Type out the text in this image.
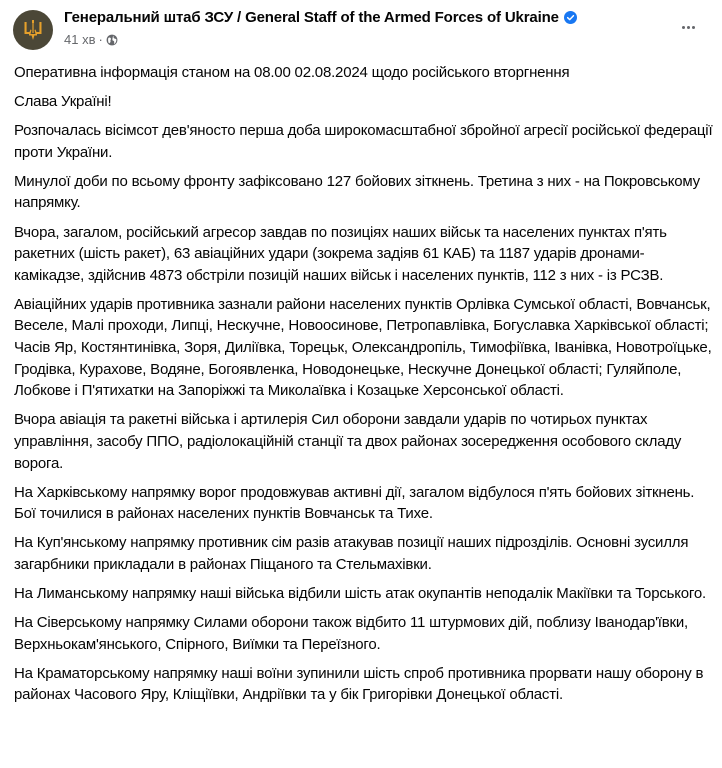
Генеральний штаб ЗСУ / General Staff of the Armed Forces of Ukraine
41 хв ·

Оперативна інформація станом на 08.00 02.08.2024 щодо російського вторгнення

Слава Україні!

Розпочалась вісімсот дев'яносто перша доба широкомасштабної збройної агресії російської федерації проти України.

Минулої доби по всьому фронту зафіксовано 127 бойових зіткнень. Третина з них - на Покровському напрямку.

Вчора, загалом, російський агресор завдав по позиціях наших військ та населених пунктах п'ять ракетних (шість ракет), 63 авіаційних удари (зокрема задіяв 61 КАБ) та 1187 ударів дронами-камікадзе, здійснив 4873 обстріли позицій наших військ і населених пунктів, 112 з них - із РСЗВ.

Авіаційних ударів противника зазнали райони населених пунктів Орлівка Сумської області, Вовчанськ, Веселе, Малі проходи, Липці, Нескучне, Новоосинове, Петропавлівка, Богуславка Харківської області; Часів Яр, Костянтинівка, Зоря, Диліївка, Торецьк, Олександропіль, Тимофіївка, Іванівка, Новотроїцьке, Гродівка, Курахове, Водяне, Богоявленка, Новодонецьке, Нескучне Донецької області; Гуляйполе, Лобкове і П'ятихатки на Запоріжжі та Миколаївка і Козацьке Херсонської області.

Вчора авіація та ракетні війська і артилерія Сил оборони завдали ударів по чотирьох пунктах управління, засобу ППО, радіолокаційній станції та двох районах зосередження особового складу ворога.

На Харківському напрямку ворог продовжував активні дії, загалом відбулося п'ять бойових зіткнень. Бої точилися в районах населених пунктів Вовчанськ та Тихе.

На Куп'янському напрямку противник сім разів атакував позиції наших підрозділів. Основні зусилля загарбники прикладали в районах Піщаного та Стельмахівки.

На Лиманському напрямку наші війська відбили шість атак окупантів неподалік Макіївки та Торського.

На Сіверському напрямку Силами оборони також відбито 11 штурмових дій, поблизу Іванодар'ївки, Верхньокам'янського, Спірного, Виїмки та Переїзного.

На Краматорському напрямку наші воїни зупинили шість спроб противника прорвати нашу оборону в районах Часового Яру, Кліщіївки, Андріївки та у бік Григорівки Донецької області.
